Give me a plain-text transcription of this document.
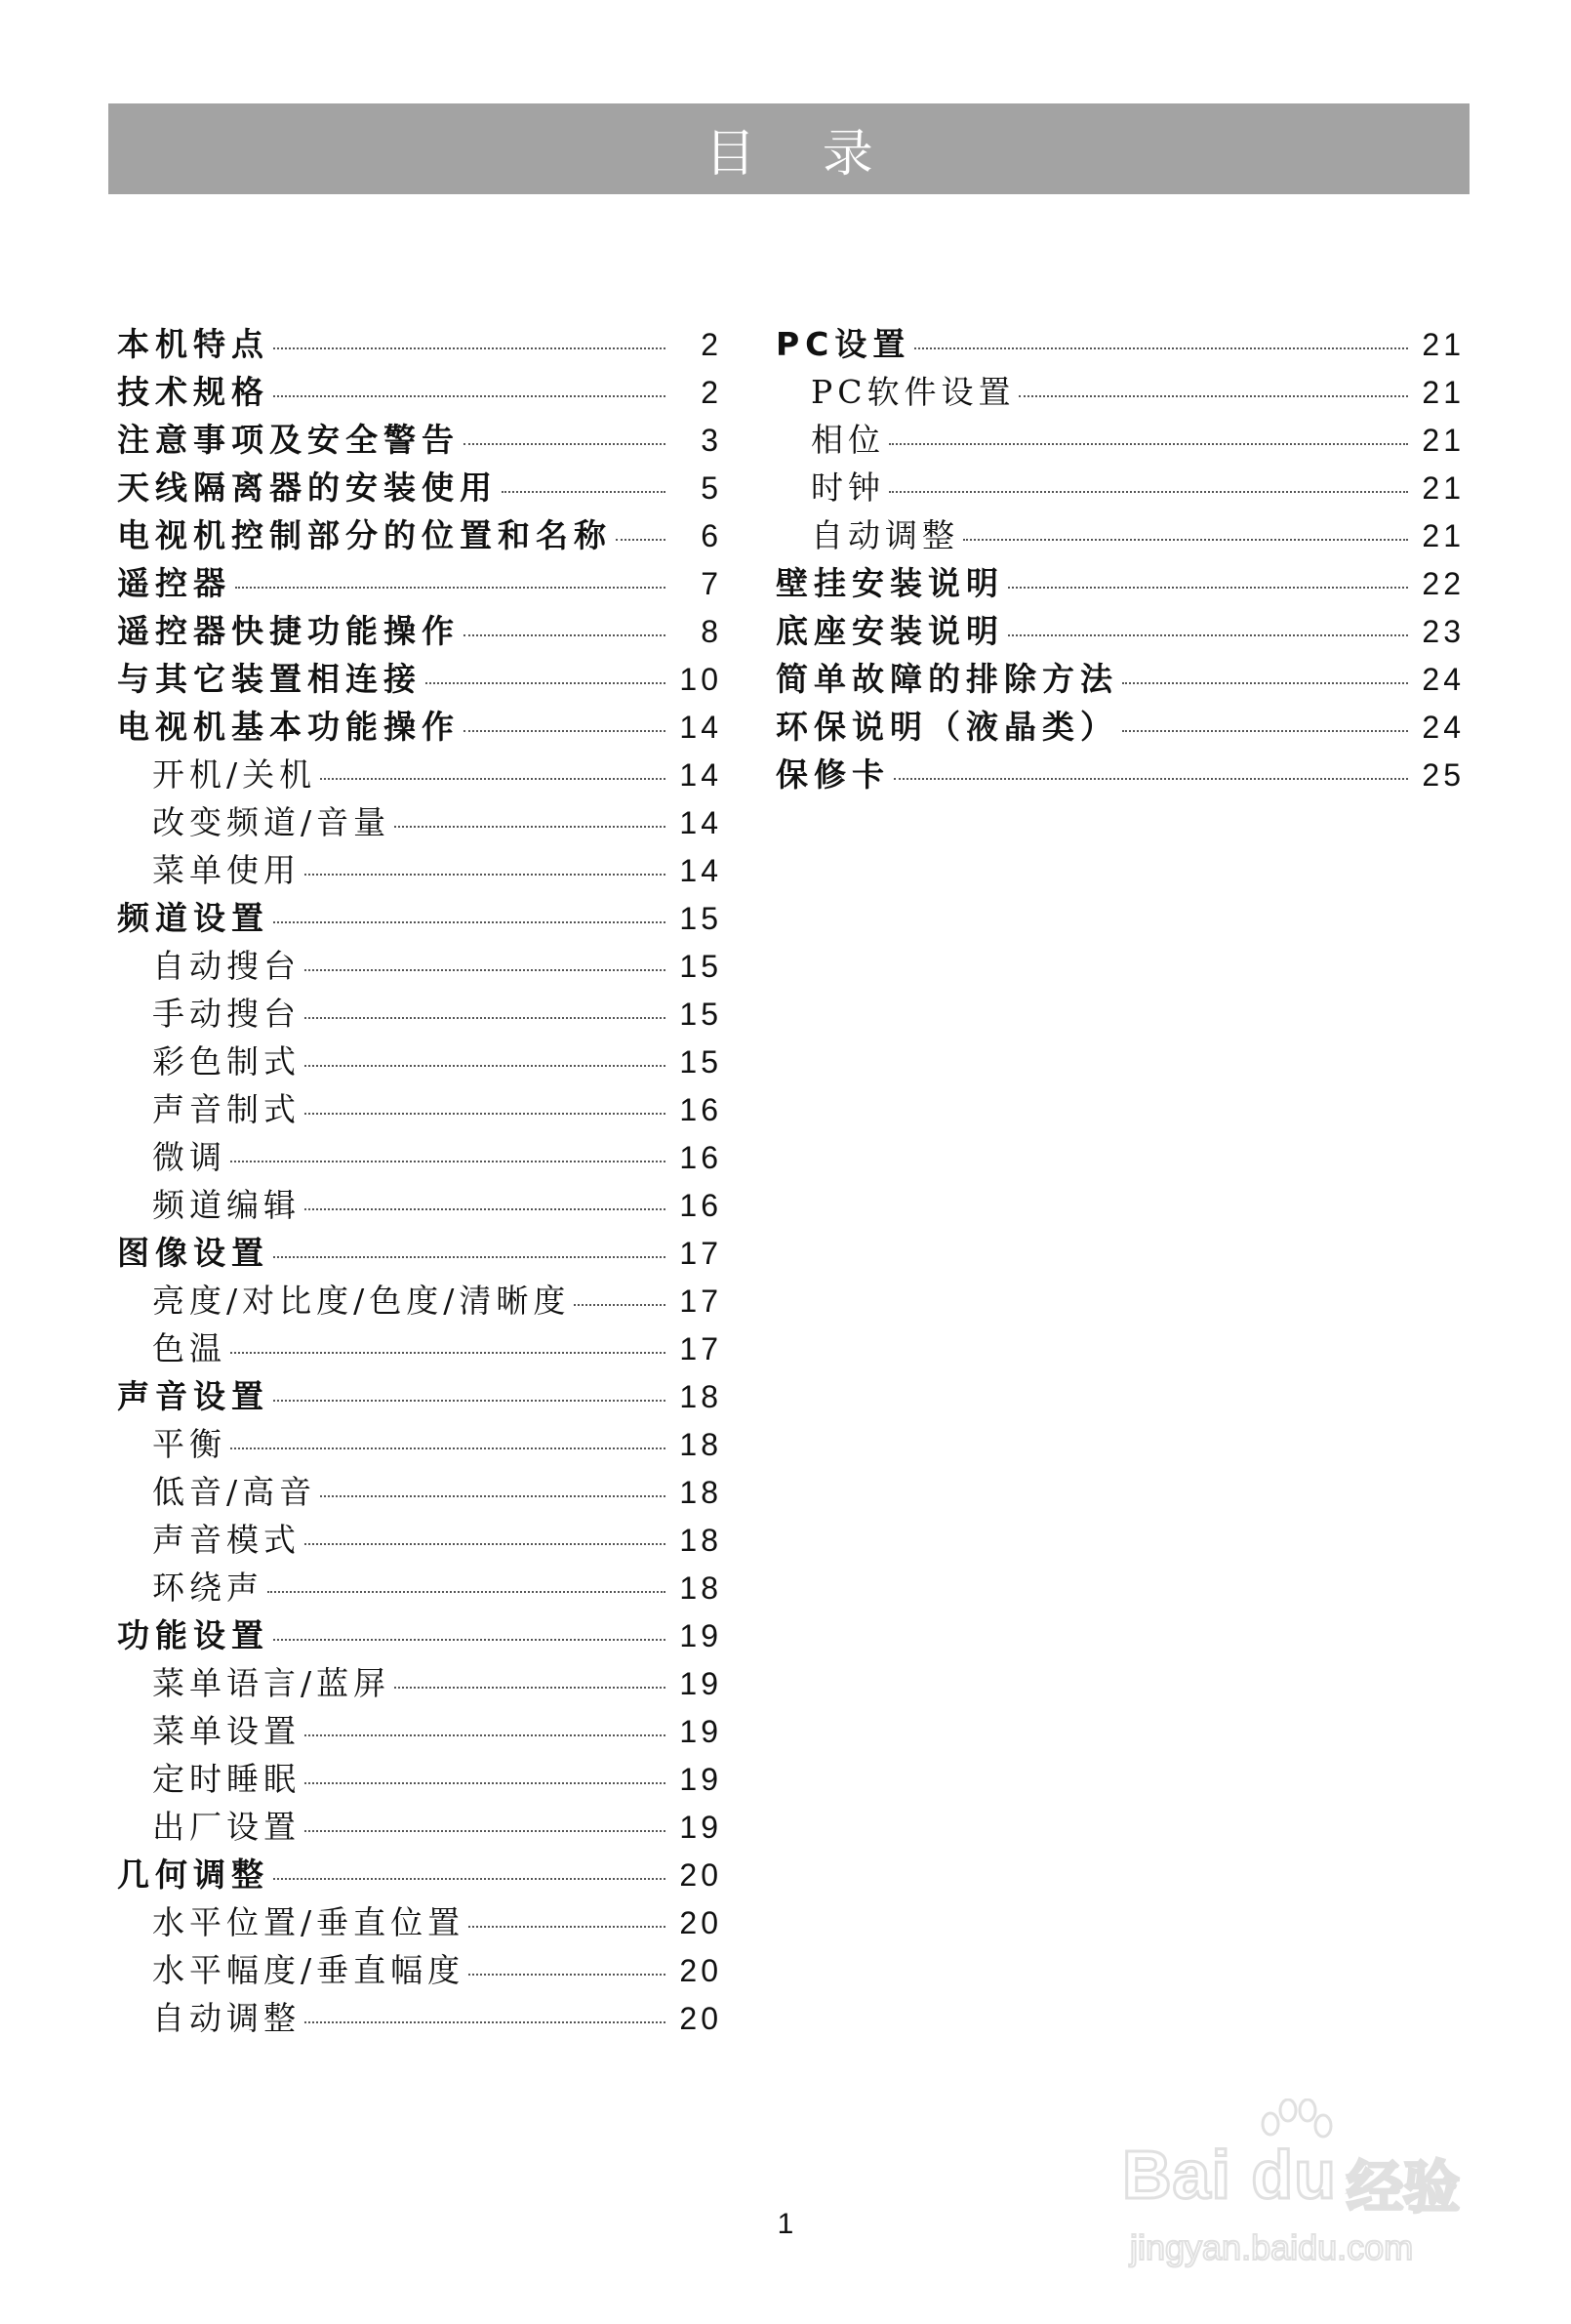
目 录
本机特点	2
技术规格	2
注意事项及安全警告	3
天线隔离器的安装使用	5
电视机控制部分的位置和名称	6
遥控器	7
遥控器快捷功能操作	8
与其它装置相连接	10
电视机基本功能操作	14
开机/关机	14
改变频道/音量	14
菜单使用	14
频道设置	15
自动搜台	15
手动搜台	15
彩色制式	15
声音制式	16
微调	16
频道编辑	16
图像设置	17
亮度/对比度/色度/清晰度	17
色温	17
声音设置	18
平衡	18
低音/高音	18
声音模式	18
环绕声	18
功能设置	19
菜单语言/蓝屏	19
菜单设置	19
定时睡眠	19
出厂设置	19
几何调整	20
水平位置/垂直位置	20
水平幅度/垂直幅度	20
自动调整	20
PC设置	21
PC软件设置	21
相位	21
时钟	21
自动调整	21
壁挂安装说明	22
底座安装说明	23
简单故障的排除方法	24
环保说明（液晶类）	24
保修卡	25
1
Bai du 经验
jingyan.baidu.com
